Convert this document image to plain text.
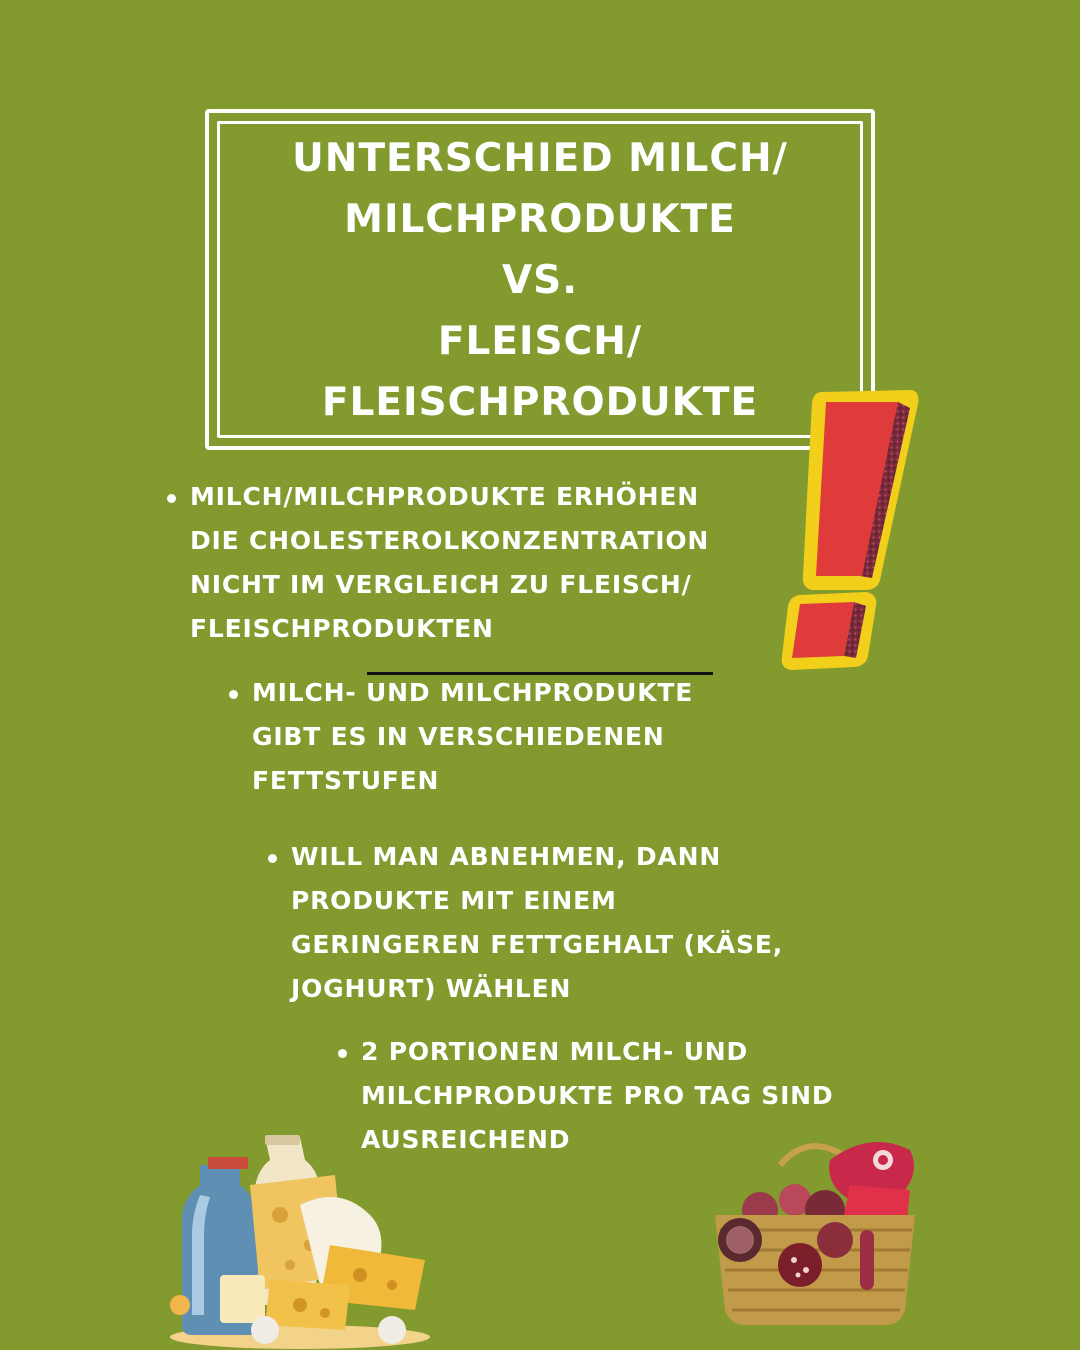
UNTERSCHIED MILCH/
MILCHPRODUKTE
VS.
FLEISCH/
FLEISCHPRODUKTE

MILCH/MILCHPRODUKTE ERHÖHEN
DIE CHOLESTEROLKONZENTRATION
NICHT IM VERGLEICH ZU FLEISCH/
FLEISCHPRODUKTEN

MILCH- UND MILCHPRODUKTE
GIBT ES IN VERSCHIEDENEN
FETTSTUFEN

WILL MAN ABNEHMEN, DANN
PRODUKTE MIT EINEM
GERINGEREN FETTGEHALT (KÄSE,
JOGHURT) WÄHLEN

2 PORTIONEN MILCH- UND
MILCHPRODUKTE PRO TAG SIND
AUSREICHEND
